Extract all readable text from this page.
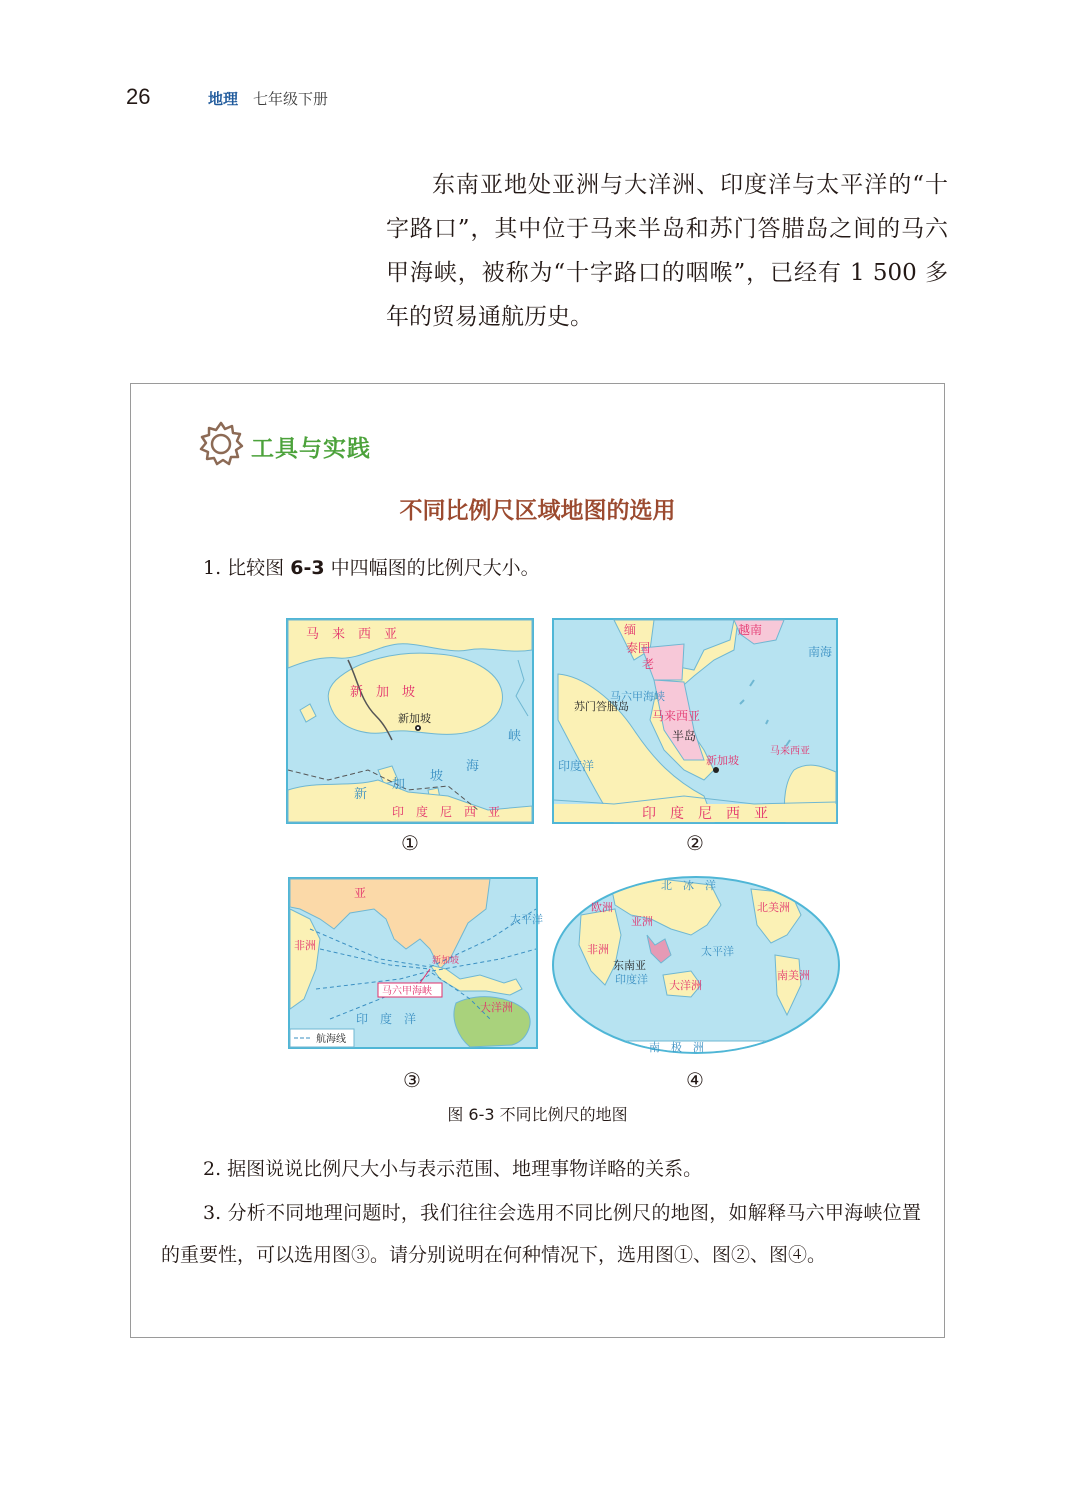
26	地理 七年级下册

东南亚地处亚洲与大洋洲、印度洋与太平洋的“十字路口”，其中位于马来半岛和苏门答腊岛之间的马六甲海峡，被称为“十字路口的咽喉”，已经有 1 500 多年的贸易通航历史。

工具与实践
不同比例尺区域地图的选用
1. 比较图 6-3 中四幅图的比例尺大小。
马　来　西　亚
新　加　坡
新加坡
海
峡
坡
新
加
印　度　尼　西　亚
①
越南
泰国
缅
老
马来西亚
半岛
苏门答腊岛
马六甲海峡
新加坡
印度洋
南海
马来西亚
印　度　尼　西　亚
②
亚
非洲
太平洋
新加坡
马六甲海峡
大洋洲
印　度　洋
航海线
③
北　冰　洋
欧洲
亚洲
非洲
北美洲
南美洲
东南亚
印度洋 大洋洲
太平洋
南　极　洲
④
图 6-3 不同比例尺的地图
2. 据图说说比例尺大小与表示范围、地理事物详略的关系。

3. 分析不同地理问题时，我们往往会选用不同比例尺的地图，如解释马六甲海峡位置的重要性，可以选用图③。请分别说明在何种情况下，选用图①、图②、图④。
